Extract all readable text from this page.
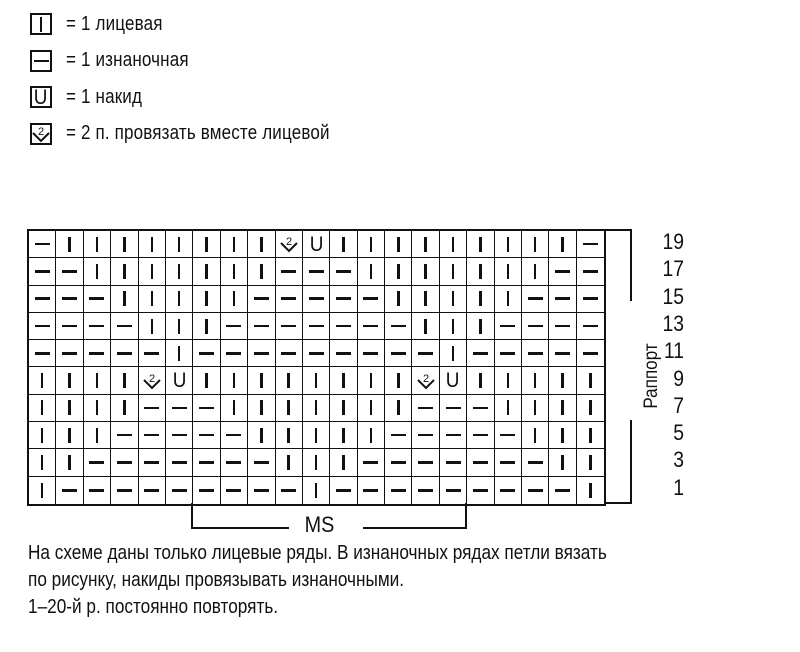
= 1 лицевая
= 1 изнаночная
U = 1 накид
2 = 2 п. провязать вместе лицевой
2 U
2 U	2 U	Раппорт
19
17
15
13
11
9
7
5
3
1
MS
На схеме даны только лицевые ряды. В изнаночных рядах петли вязать
по рисунку, накиды провязывать изнаночными.
1–20-й р. постоянно повторять.
